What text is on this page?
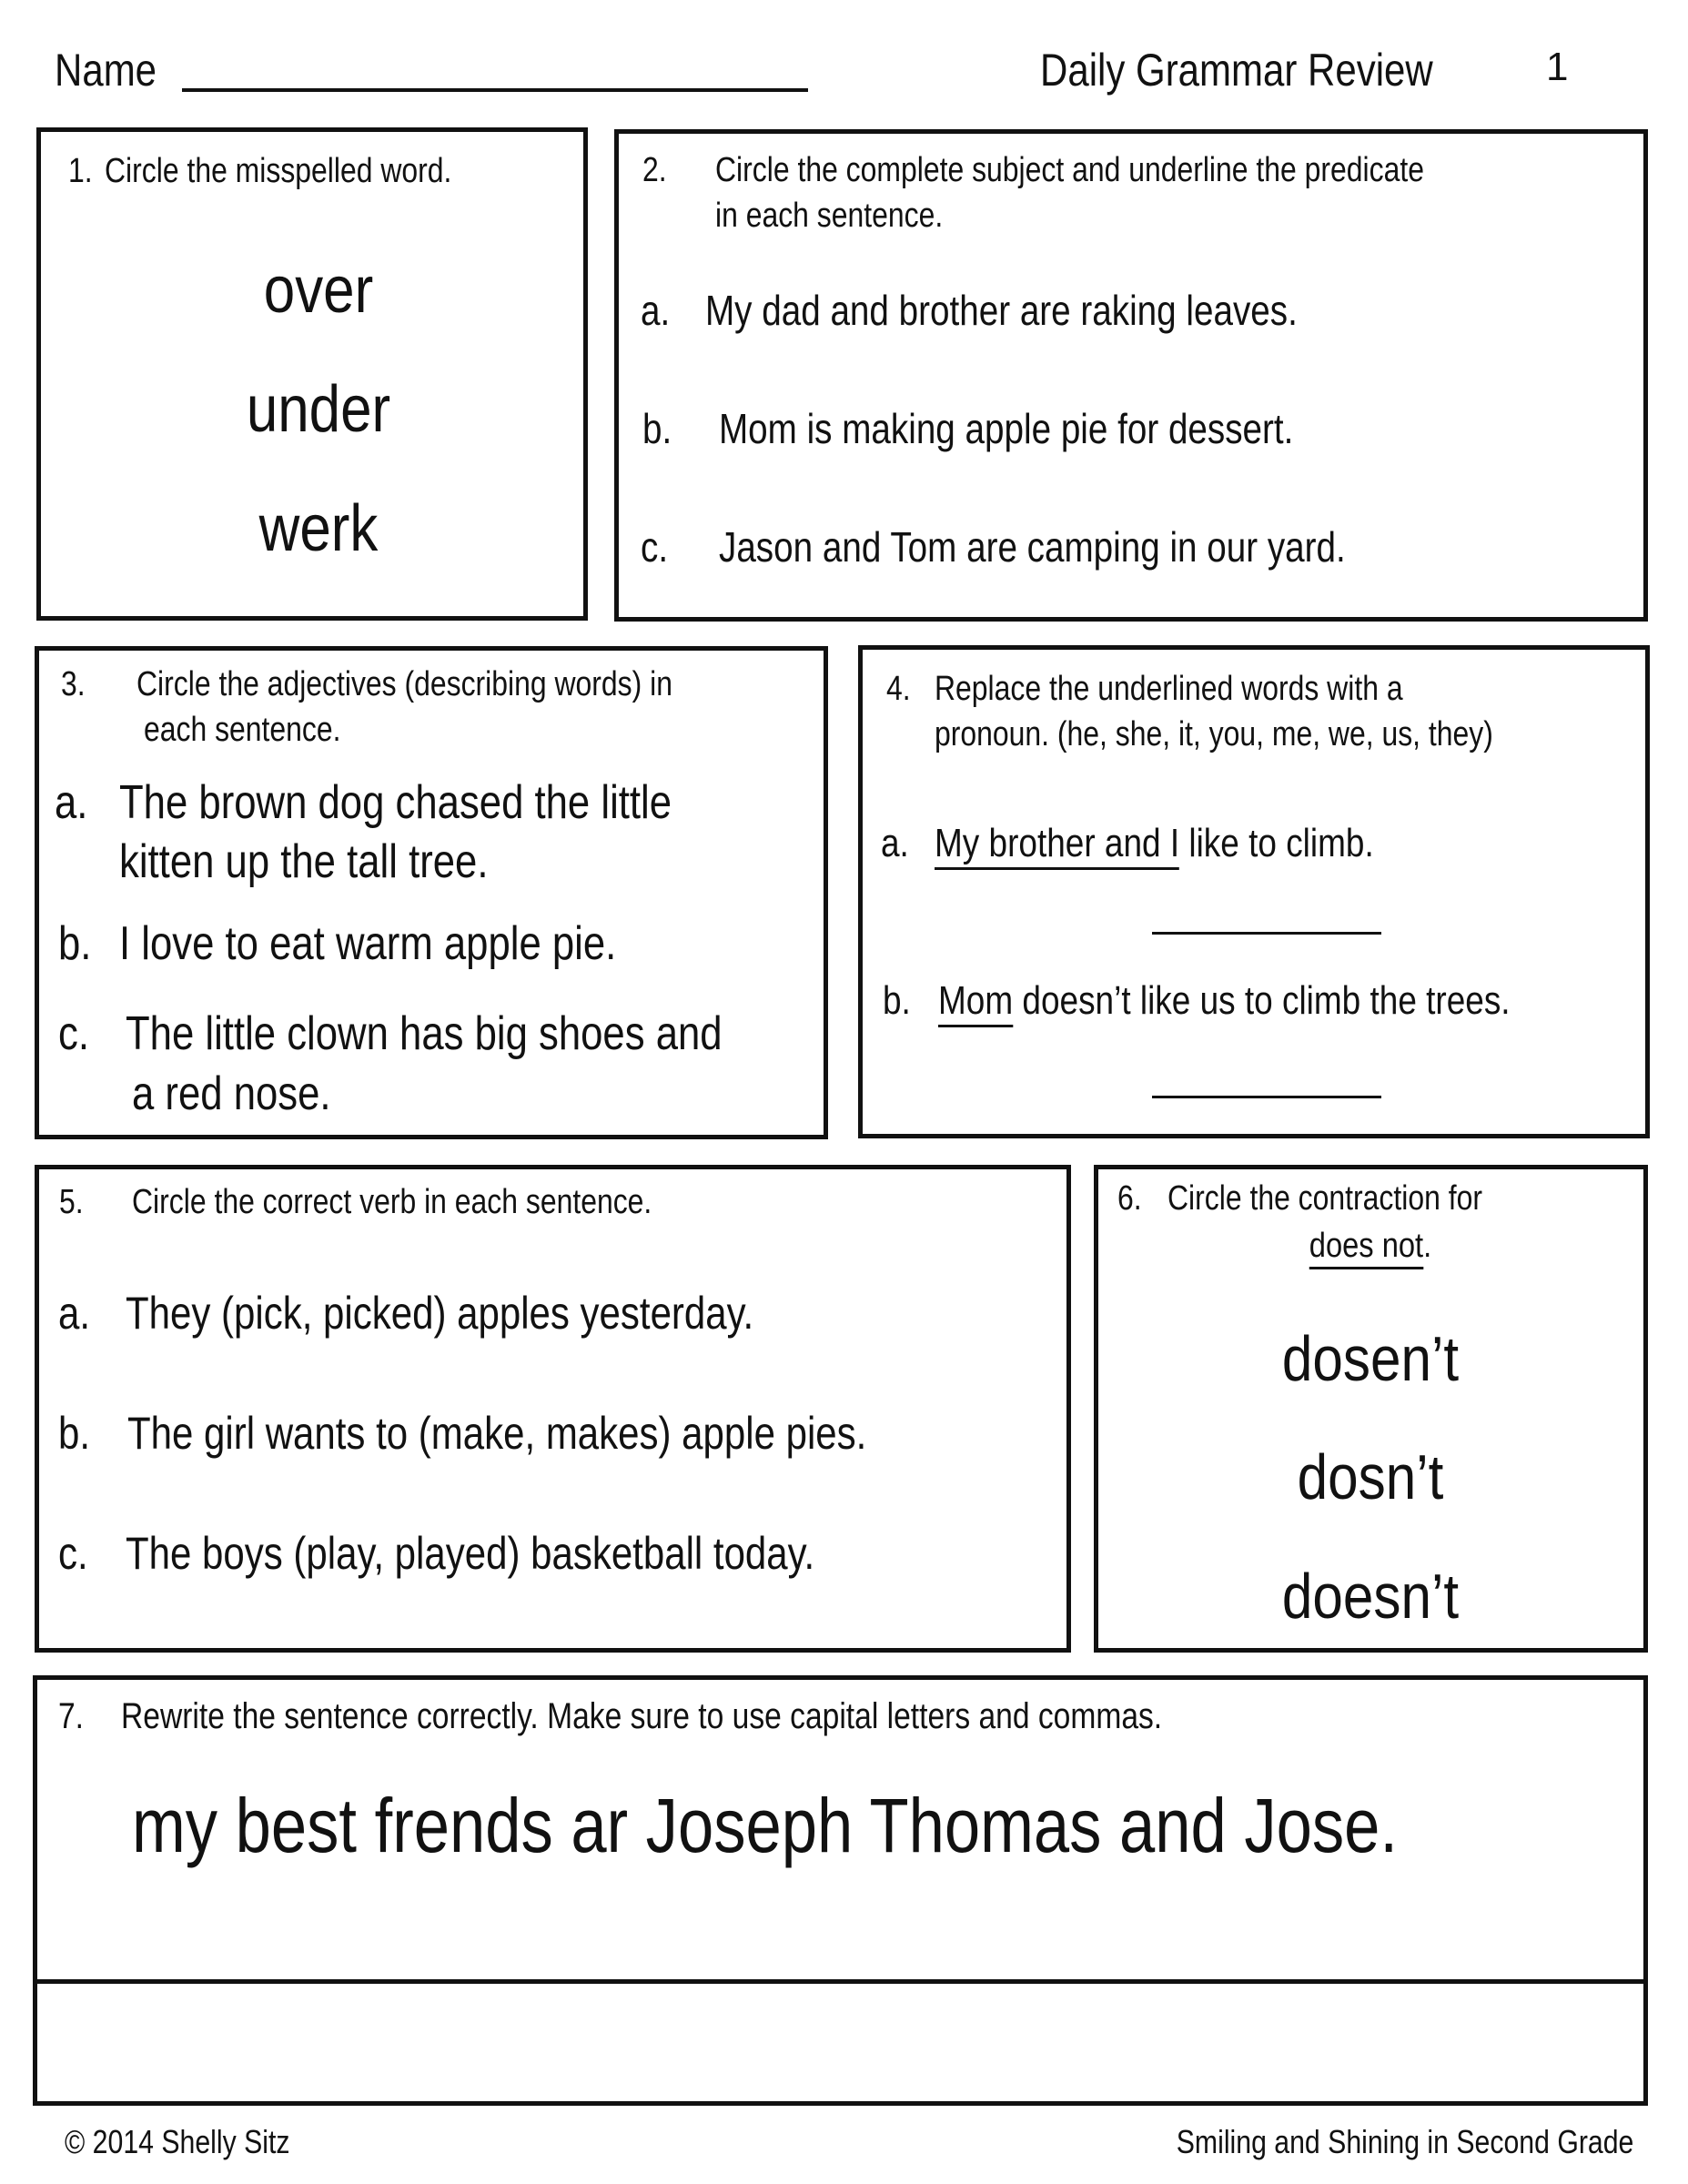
Name	Daily Grammar Review	1
1. Circle the misspelled word.
over
under
werk
2. Circle the complete subject and underline the predicate
in each sentence.
a. My dad and brother are raking leaves.
b. Mom is making apple pie for dessert.
c. Jason and Tom are camping in our yard.
3. Circle the adjectives (describing words) in
each sentence.
a. The brown dog chased the little
kitten up the tall tree.
b. I love to eat warm apple pie.
c. The little clown has big shoes and
a red nose.
4. Replace the underlined words with a
pronoun. (he, she, it, you, me, we, us, they)
a. My brother and I like to climb.
b. Mom doesn’t like us to climb the trees.
5. Circle the correct verb in each sentence.
a. They (pick, picked) apples yesterday.
b. The girl wants to (make, makes) apple pies.
c. The boys (play, played) basketball today.
6. Circle the contraction for
does not.
dosen’t
dosn’t
doesn’t
7. Rewrite the sentence correctly. Make sure to use capital letters and commas.
my best frends ar Joseph Thomas and Jose.
© 2014 Shelly Sitz	Smiling and Shining in Second Grade
